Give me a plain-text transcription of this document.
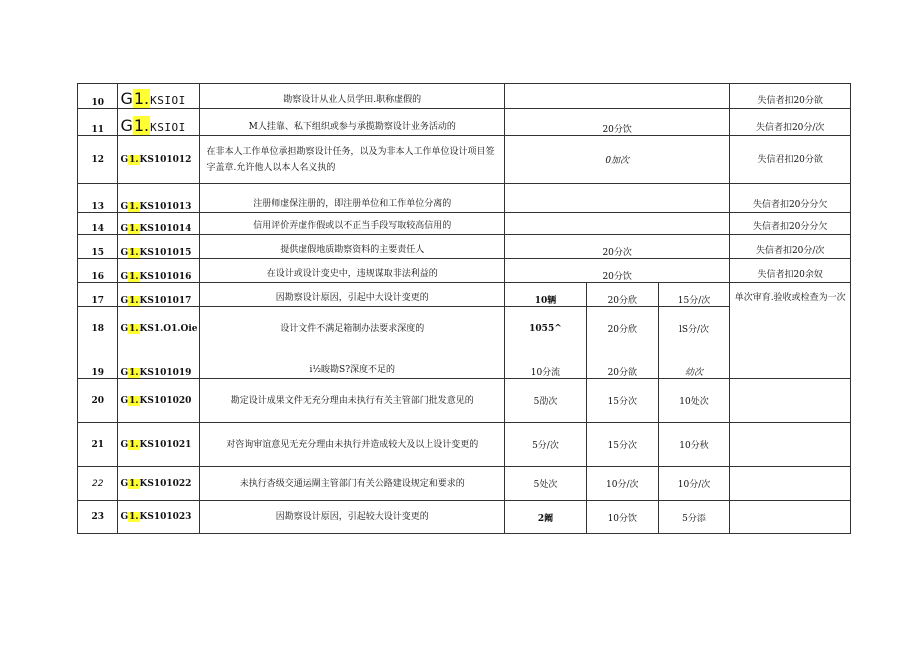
10	G1.KSIOI	勘察设计从业人员学田.职称虚假的				失信者扣20分欲
11	G1.KSIOI	M人挂靠、私下组织或参与承揽勘察设计业务活动的	20分饮			失信者扣20分/次
12	G1.KS101012	在非本人工作单位承担勘察设计任务，以及为非本人工作单位设计项目签字盖章.允许他人以本人名义执的	0加次			失信君扣20分欲
13	G1.KS101013	注册师虚保注册的，即注册单位和工作单位分离的				失信者扣20分分欠
14	G1.KS101014	信用评价弄虚作假或以不正当手段写取较高信用的				失信者扣20分分欠
15	G1.KS101015	提供虚假地质勘察资料的主要责任人	20分次			失信者扣20分/次
16	G1.KS101016	在设计或设计变史中，违规谋取非法利益的	20分饮			失信者扣20余奴
17	G1.KS101017	因勘察设计原因，引起中大设计变更的	10辆	20分欣	15分/次	单次审育.验收或检查为一次
18	G1.KS1.O1.Oie	设计文件不满足箱制办法要求深度的	1055^	20分欣	lS分/次	
19	G1.KS101019	i½睃勘S?深度不足的	10分流	20分欲	幼次	
20	G1.KS101020	勘定设计成果文件无充分理由未执行有关主管部门批发意见的	5劭次	15分次	10处次	
21	G1.KS101021	对咨询审谊意见无充分理由未执行并造成较大及以上设计变更的	5分/次	15分次	10分秋	
22	G1.KS101022	未执行杳级交通运閘主管部门有关公路建设规定和要求的	5处次	10分/次	10分/次	
23	G1.KS101023	因勘察设计原因，引起较大设计变更的	2阚	10分饮	5分添	
